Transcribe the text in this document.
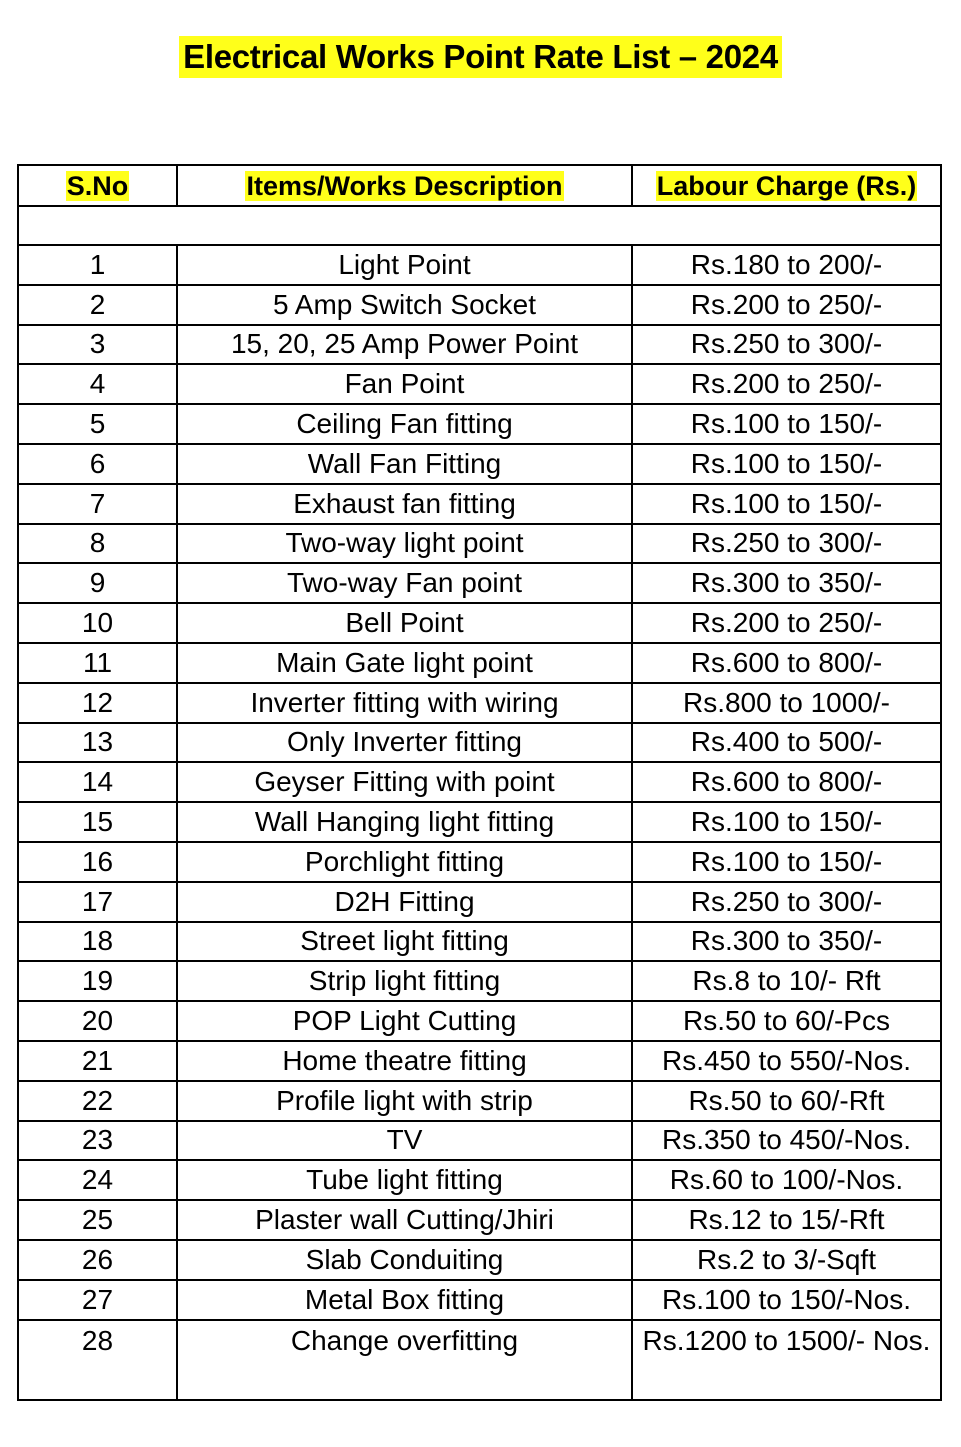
Electrical Works Point Rate List – 2024
S.No	Items/Works Description	Labour Charge (Rs.)

1	Light Point	Rs.180 to 200/-
2	5 Amp Switch Socket	Rs.200 to 250/-
3	15, 20, 25 Amp Power Point	Rs.250 to 300/-
4	Fan Point	Rs.200 to 250/-
5	Ceiling Fan fitting	Rs.100 to 150/-
6	Wall Fan Fitting	Rs.100 to 150/-
7	Exhaust fan fitting	Rs.100 to 150/-
8	Two-way light point	Rs.250 to 300/-
9	Two-way Fan point	Rs.300 to 350/-
10	Bell Point	Rs.200 to 250/-
11	Main Gate light point	Rs.600 to 800/-
12	Inverter fitting with wiring	Rs.800 to 1000/-
13	Only Inverter fitting	Rs.400 to 500/-
14	Geyser Fitting with point	Rs.600 to 800/-
15	Wall Hanging light fitting	Rs.100 to 150/-
16	Porchlight fitting	Rs.100 to 150/-
17	D2H Fitting	Rs.250 to 300/-
18	Street light fitting	Rs.300 to 350/-
19	Strip light fitting	Rs.8 to 10/- Rft
20	POP Light Cutting	Rs.50 to 60/-Pcs
21	Home theatre fitting	Rs.450 to 550/-Nos.
22	Profile light with strip	Rs.50 to 60/-Rft
23	TV	Rs.350 to 450/-Nos.
24	Tube light fitting	Rs.60 to 100/-Nos.
25	Plaster wall Cutting/Jhiri	Rs.12 to 15/-Rft
26	Slab Conduiting	Rs.2 to 3/-Sqft
27	Metal Box fitting	Rs.100 to 150/-Nos.
28	Change overfitting	Rs.1200 to 1500/- Nos.
